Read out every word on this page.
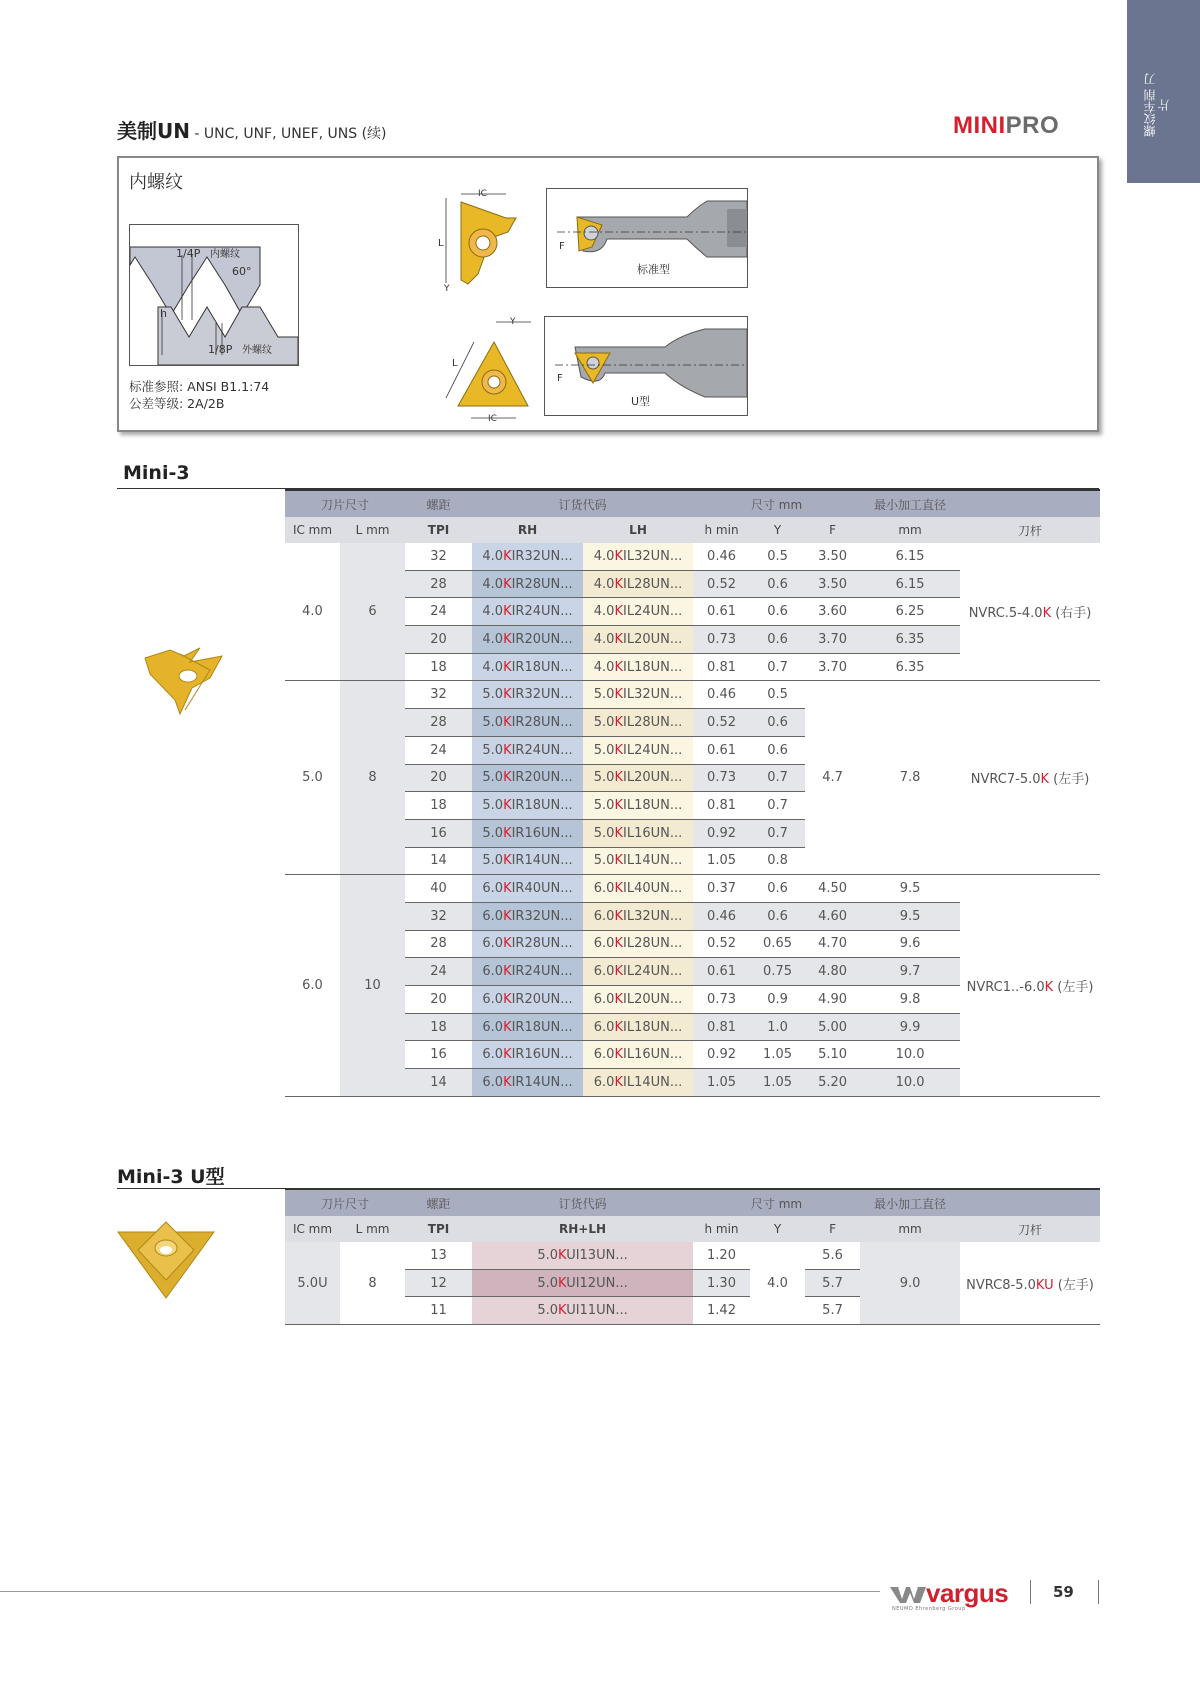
螺纹车削 刀片
美制UN - UNC, UNF, UNEF, UNS (续)	MINIPRO
内螺纹
1/4P 内螺纹
60°
h
1/8P 外螺纹
标准参照: ANSI B1.1:74
公差等级: 2A/2B
IC
L
Y
F
标准型
Y
L
IC
F
U型
Mini-3
刀片尺寸		螺距	订货代码		尺寸 mm			最小加工直径	
IC mm	L mm	TPI	RH	LH	h min	Y	F	mm	刀杆
4.0	6	32	4.0KIR32UN...	4.0KIL32UN...	0.46	0.5	3.50	6.15	NVRC.5-4.0K (右手)
		28	4.0KIR28UN...	4.0KIL28UN...	0.52	0.6	3.50	6.15	
		24	4.0KIR24UN...	4.0KIL24UN...	0.61	0.6	3.60	6.25	
		20	4.0KIR20UN...	4.0KIL20UN...	0.73	0.6	3.70	6.35	
		18	4.0KIR18UN...	4.0KIL18UN...	0.81	0.7	3.70	6.35	
5.0	8	32	5.0KIR32UN...	5.0KIL32UN...	0.46	0.5	4.7	7.8	NVRC7-5.0K (左手)
		28	5.0KIR28UN...	5.0KIL28UN...	0.52	0.6			
		24	5.0KIR24UN...	5.0KIL24UN...	0.61	0.6			
		20	5.0KIR20UN...	5.0KIL20UN...	0.73	0.7			
		18	5.0KIR18UN...	5.0KIL18UN...	0.81	0.7			
		16	5.0KIR16UN...	5.0KIL16UN...	0.92	0.7			
		14	5.0KIR14UN...	5.0KIL14UN...	1.05	0.8			
6.0	10	40	6.0KIR40UN...	6.0KIL40UN...	0.37	0.6	4.50	9.5	NVRC1..-6.0K (左手)
		32	6.0KIR32UN...	6.0KIL32UN...	0.46	0.6	4.60	9.5	
		28	6.0KIR28UN...	6.0KIL28UN...	0.52	0.65	4.70	9.6	
		24	6.0KIR24UN...	6.0KIL24UN...	0.61	0.75	4.80	9.7	
		20	6.0KIR20UN...	6.0KIL20UN...	0.73	0.9	4.90	9.8	
		18	6.0KIR18UN...	6.0KIL18UN...	0.81	1.0	5.00	9.9	
		16	6.0KIR16UN...	6.0KIL16UN...	0.92	1.05	5.10	10.0	
		14	6.0KIR14UN...	6.0KIL14UN...	1.05	1.05	5.20	10.0	

Mini-3 U型
刀片尺寸		螺距	订货代码	尺寸 mm			最小加工直径	
IC mm	L mm	TPI	RH+LH	h min	Y	F	mm	刀杆
5.0U	8	13	5.0KUI13UN...	1.20	4.0	5.6	9.0	NVRC8-5.0KU (左手)
		12	5.0KUI12UN...	1.30		5.7		
		11	5.0KUI11UN...	1.42		5.7		

vargus
NEUMO Ehrenberg Group
59
